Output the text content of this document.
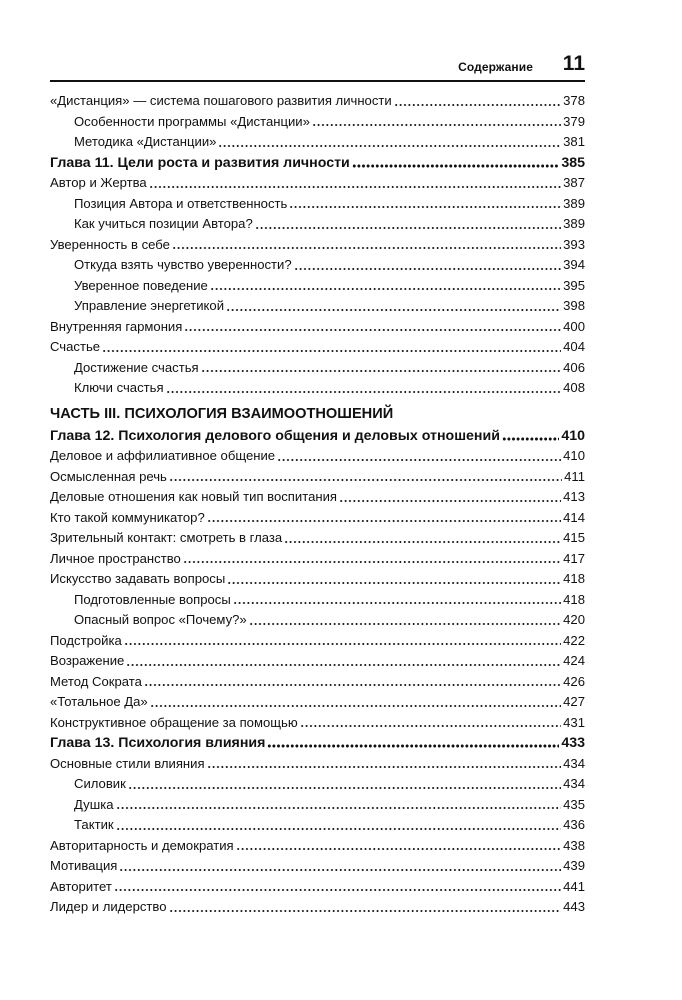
Содержание 11
«Дистанция» — система пошагового развития личности	378
Особенности программы «Дистанции»	379
Методика «Дистанции»	381
Глава 11. Цели роста и развития личности	385
Автор и Жертва	387
Позиция Автора и ответственность	389
Как учиться позиции Автора?	389
Уверенность в себе	393
Откуда взять чувство уверенности?	394
Уверенное поведение	395
Управление энергетикой	398
Внутренняя гармония	400
Счастье	404
Достижение счастья	406
Ключи счастья	408
ЧАСТЬ III. ПСИХОЛОГИЯ ВЗАИМООТНОШЕНИЙ
Глава 12. Психология делового общения и деловых отношений	410
Деловое и аффилиативное общение	410
Осмысленная речь	411
Деловые отношения как новый тип воспитания	413
Кто такой коммуникатор?	414
Зрительный контакт: смотреть в глаза	415
Личное пространство	417
Искусство задавать вопросы	418
Подготовленные вопросы	418
Опасный вопрос «Почему?»	420
Подстройка	422
Возражение	424
Метод Сократа	426
«Тотальное Да»	427
Конструктивное обращение за помощью	431
Глава 13. Психология влияния	433
Основные стили влияния	434
Силовик	434
Душка	435
Тактик	436
Авторитарность и демократия	438
Мотивация	439
Авторитет	441
Лидер и лидерство	443
